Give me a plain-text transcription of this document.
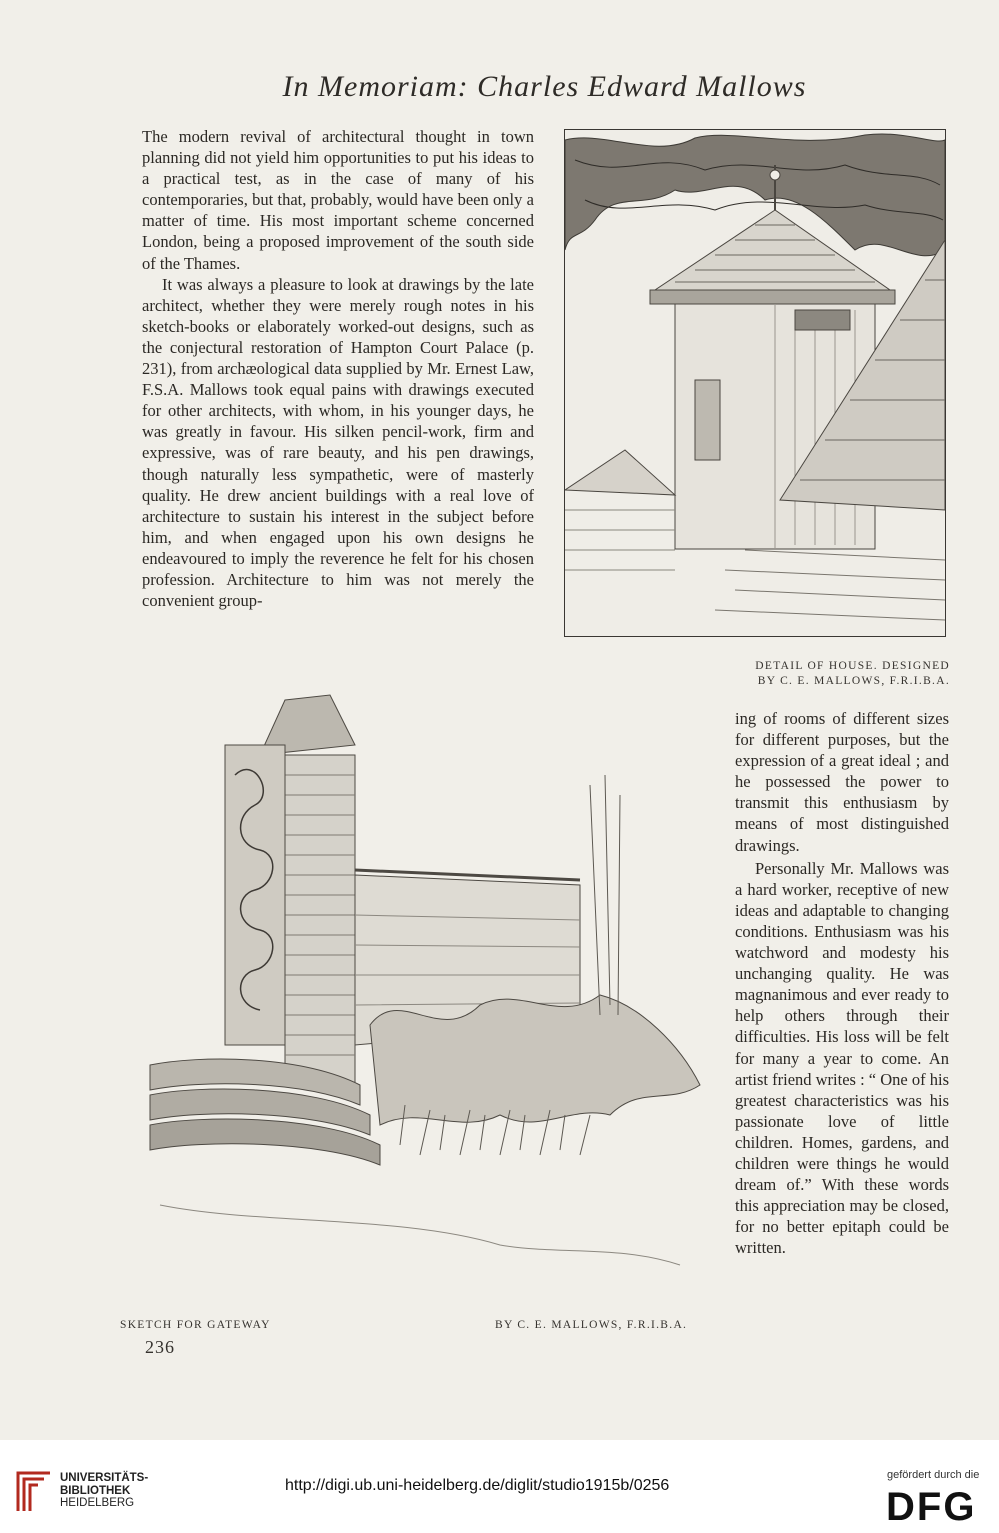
In Memoriam: Charles Edward Mallows

The modern revival of architectural thought in town planning did not yield him opportunities to put his ideas to a practical test, as in the case of many of his contemporaries, but that, probably, would have been only a matter of time. His most important scheme concerned London, being a proposed improvement of the south side of the Thames.

It was always a pleasure to look at drawings by the late architect, whether they were merely rough notes in his sketch-books or elaborately worked-out designs, such as the conjectural restoration of Hampton Court Palace (p. 231), from archæological data supplied by Mr. Ernest Law, F.S.A. Mallows took equal pains with drawings executed for other architects, with whom, in his younger days, he was greatly in favour. His silken pencil-work, firm and expressive, was of rare beauty, and his pen drawings, though naturally less sympathetic, were of masterly quality. He drew ancient buildings with a real love of architecture to sustain his interest in the subject before him, and when engaged upon his own designs he endeavoured to imply the reverence he felt for his chosen profession. Architecture to him was not merely the convenient group-

DETAIL OF HOUSE. DESIGNED
BY C. E. MALLOWS, F.R.I.B.A.

ing of rooms of different sizes for different purposes, but the expression of a great ideal ; and he possessed the power to transmit this enthusiasm by means of most distinguished drawings.

Personally Mr. Mallows was a hard worker, receptive of new ideas and adaptable to changing conditions. Enthusiasm was his watchword and modesty his unchanging quality. He was magnanimous and ever ready to help others through their difficulties. His loss will be felt for many a year to come. An artist friend writes : “ One of his greatest characteristics was his passionate love of little children. Homes, gardens, and children were things he would dream of.” With these words this appreciation may be closed, for no better epitaph could be written.

SKETCH FOR GATEWAY	BY C. E. MALLOWS, F.R.I.B.A.
236
UNIVERSITÄTS-
BIBLIOTHEK
HEIDELBERG
http://digi.ub.uni-heidelberg.de/diglit/studio1915b/0256
gefördert durch die
DFG
